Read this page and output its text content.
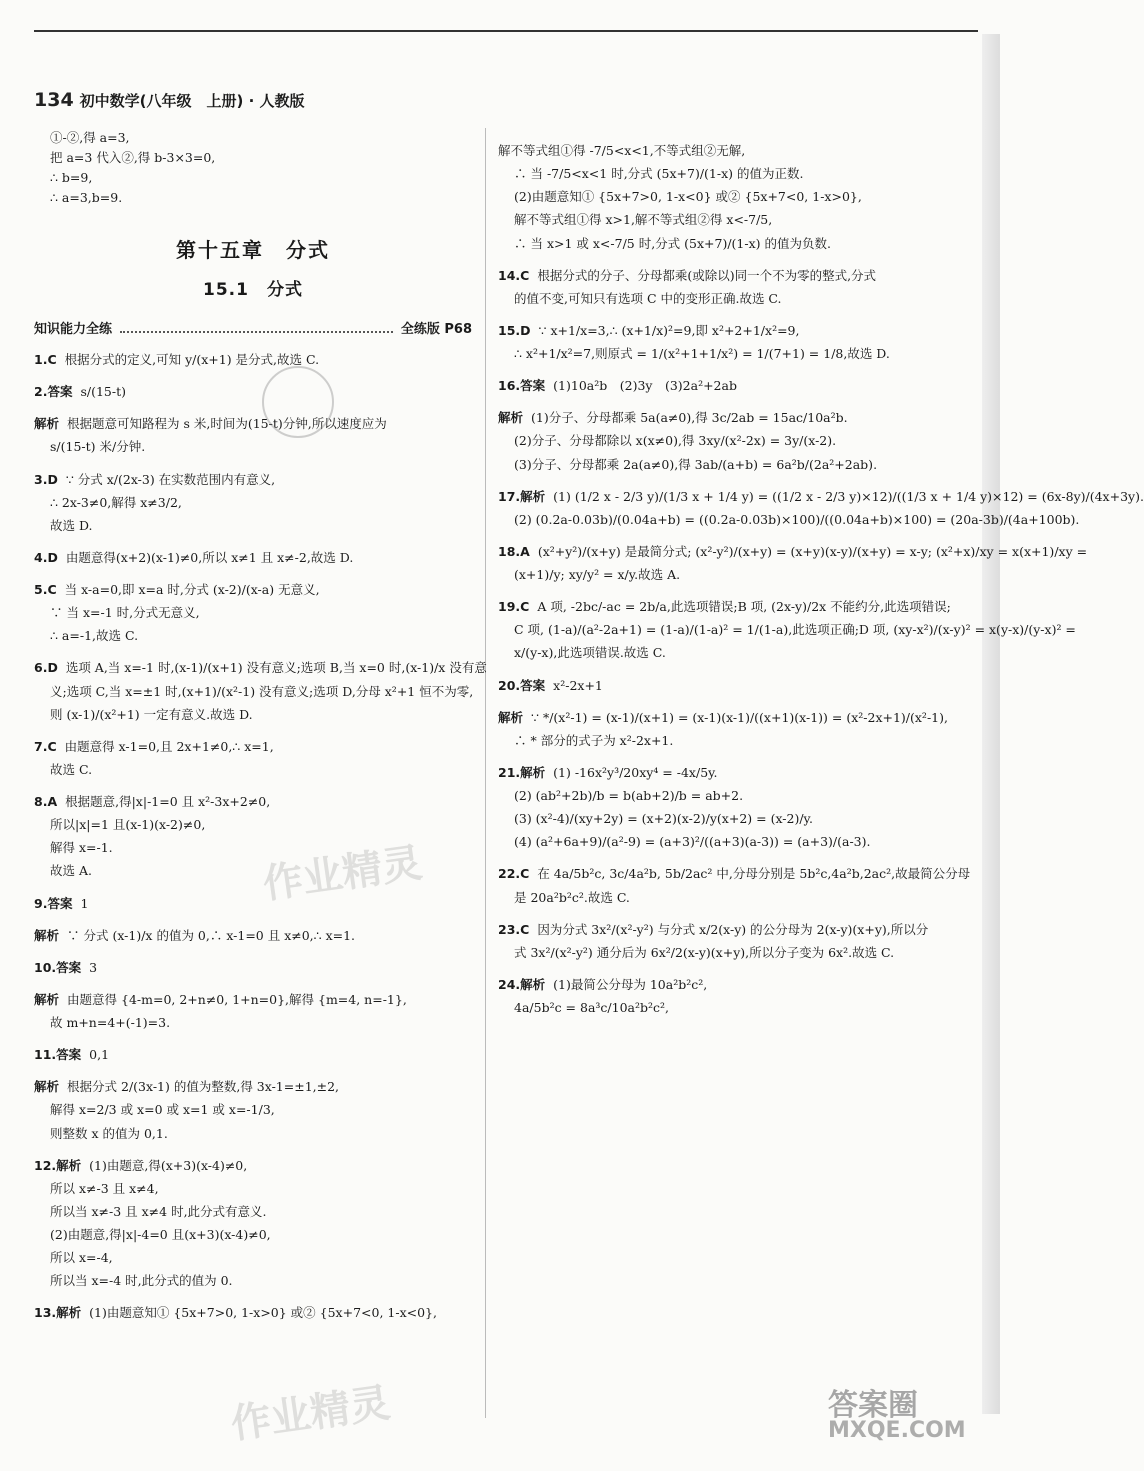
134 初中数学(八年级　上册) · 人教版
①-②,得 a=3,
把 a=3 代入②,得 b-3×3=0,
∴ b=9,
∴ a=3,b=9.
第十五章　分式
15.1　分式
知识能力全练	全练版 P68
1.C 根据分式的定义,可知 y/(x+1) 是分式,故选 C.
2.答案 s/(15-t)
解析 根据题意可知路程为 s 米,时间为(15-t)分钟,所以速度应为
s/(15-t) 米/分钟.
3.D ∵ 分式 x/(2x-3) 在实数范围内有意义,
∴ 2x-3≠0,解得 x≠3/2,
故选 D.
4.D 由题意得(x+2)(x-1)≠0,所以 x≠1 且 x≠-2,故选 D.
5.C 当 x-a=0,即 x=a 时,分式 (x-2)/(x-a) 无意义,
∵ 当 x=-1 时,分式无意义,
∴ a=-1,故选 C.
6.D 选项 A,当 x=-1 时,(x-1)/(x+1) 没有意义;选项 B,当 x=0 时,(x-1)/x 没有意
义;选项 C,当 x=±1 时,(x+1)/(x²-1) 没有意义;选项 D,分母 x²+1 恒不为零,
则 (x-1)/(x²+1) 一定有意义.故选 D.
7.C 由题意得 x-1=0,且 2x+1≠0,∴ x=1,
故选 C.
8.A 根据题意,得|x|-1=0 且 x²-3x+2≠0,
所以|x|=1 且(x-1)(x-2)≠0,
解得 x=-1.
故选 A.
9.答案 1
解析 ∵ 分式 (x-1)/x 的值为 0,∴ x-1=0 且 x≠0,∴ x=1.
10.答案 3
解析 由题意得 {4-m=0, 2+n≠0, 1+n=0},解得 {m=4, n=-1},
故 m+n=4+(-1)=3.
11.答案 0,1
解析 根据分式 2/(3x-1) 的值为整数,得 3x-1=±1,±2,
解得 x=2/3 或 x=0 或 x=1 或 x=-1/3,
则整数 x 的值为 0,1.
12.解析 (1)由题意,得(x+3)(x-4)≠0,
所以 x≠-3 且 x≠4,
所以当 x≠-3 且 x≠4 时,此分式有意义.
(2)由题意,得|x|-4=0 且(x+3)(x-4)≠0,
所以 x=-4,
所以当 x=-4 时,此分式的值为 0.
13.解析 (1)由题意知① {5x+7>0, 1-x>0} 或② {5x+7<0, 1-x<0},
解不等式组①得 -7/5<x<1,不等式组②无解,
∴ 当 -7/5<x<1 时,分式 (5x+7)/(1-x) 的值为正数.
(2)由题意知① {5x+7>0, 1-x<0} 或② {5x+7<0, 1-x>0},
解不等式组①得 x>1,解不等式组②得 x<-7/5,
∴ 当 x>1 或 x<-7/5 时,分式 (5x+7)/(1-x) 的值为负数.
14.C 根据分式的分子、分母都乘(或除以)同一个不为零的整式,分式
的值不变,可知只有选项 C 中的变形正确.故选 C.
15.D ∵ x+1/x=3,∴ (x+1/x)²=9,即 x²+2+1/x²=9,
∴ x²+1/x²=7,则原式 = 1/(x²+1+1/x²) = 1/(7+1) = 1/8,故选 D.
16.答案 (1)10a²b　(2)3y　(3)2a²+2ab
解析 (1)分子、分母都乘 5a(a≠0),得 3c/2ab = 15ac/10a²b.
(2)分子、分母都除以 x(x≠0),得 3xy/(x²-2x) = 3y/(x-2).
(3)分子、分母都乘 2a(a≠0),得 3ab/(a+b) = 6a²b/(2a²+2ab).
17.解析 (1) (1/2 x - 2/3 y)/(1/3 x + 1/4 y) = ((1/2 x - 2/3 y)×12)/((1/3 x + 1/4 y)×12) = (6x-8y)/(4x+3y).
(2) (0.2a-0.03b)/(0.04a+b) = ((0.2a-0.03b)×100)/((0.04a+b)×100) = (20a-3b)/(4a+100b).
18.A (x²+y²)/(x+y) 是最简分式; (x²-y²)/(x+y) = (x+y)(x-y)/(x+y) = x-y; (x²+x)/xy = x(x+1)/xy =
(x+1)/y; xy/y² = x/y.故选 A.
19.C A 项, -2bc/-ac = 2b/a,此选项错误;B 项, (2x-y)/2x 不能约分,此选项错误;
C 项, (1-a)/(a²-2a+1) = (1-a)/(1-a)² = 1/(1-a),此选项正确;D 项, (xy-x²)/(x-y)² = x(y-x)/(y-x)² =
x/(y-x),此选项错误.故选 C.
20.答案 x²-2x+1
解析 ∵ */(x²-1) = (x-1)/(x+1) = (x-1)(x-1)/((x+1)(x-1)) = (x²-2x+1)/(x²-1),
∴ * 部分的式子为 x²-2x+1.
21.解析 (1) -16x²y³/20xy⁴ = -4x/5y.
(2) (ab²+2b)/b = b(ab+2)/b = ab+2.
(3) (x²-4)/(xy+2y) = (x+2)(x-2)/y(x+2) = (x-2)/y.
(4) (a²+6a+9)/(a²-9) = (a+3)²/((a+3)(a-3)) = (a+3)/(a-3).
22.C 在 4a/5b²c, 3c/4a²b, 5b/2ac² 中,分母分别是 5b²c,4a²b,2ac²,故最简公分母
是 20a²b²c².故选 C.
23.C 因为分式 3x²/(x²-y²) 与分式 x/2(x-y) 的公分母为 2(x-y)(x+y),所以分
式 3x²/(x²-y²) 通分后为 6x²/2(x-y)(x+y),所以分子变为 6x².故选 C.
24.解析 (1)最简公分母为 10a²b²c²,
4a/5b²c = 8a³c/10a²b²c²,
作业精灵
作业精灵	答案圈
MXQE.COM
